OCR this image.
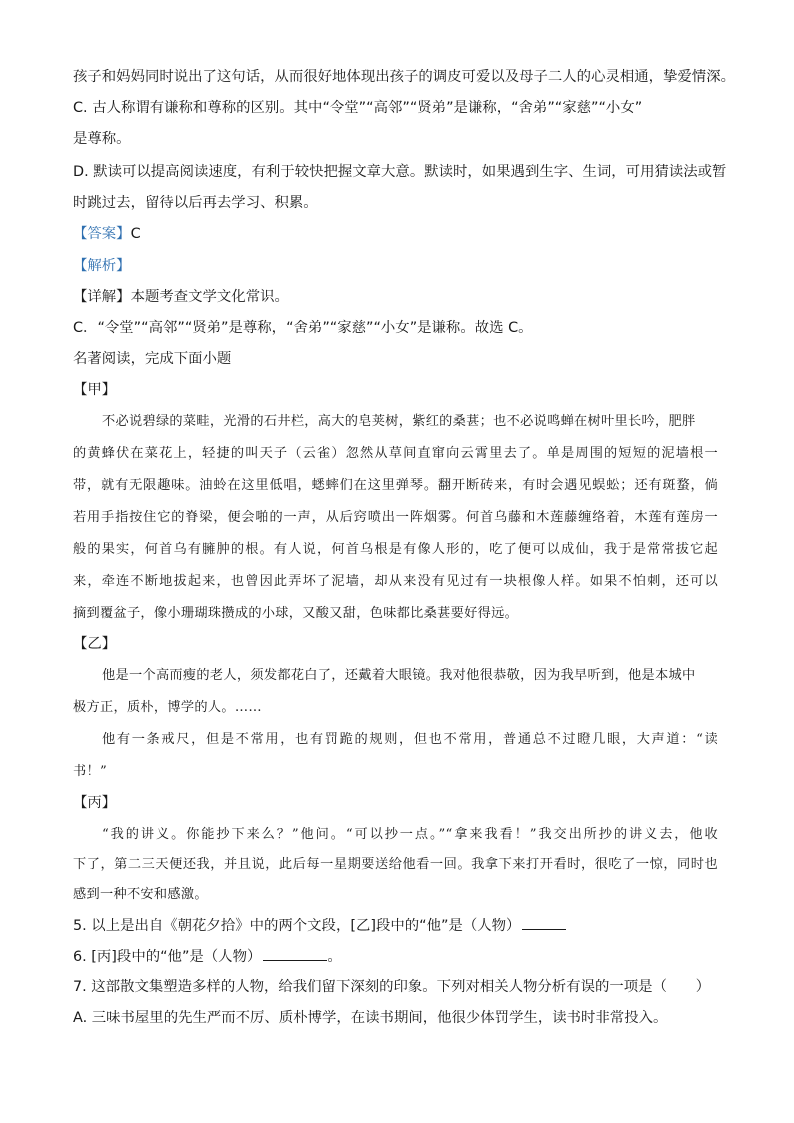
孩子和妈妈同时说出了这句话，从而很好地体现出孩子的调皮可爱以及母子二人的心灵相通，挚爱情深。
C. 古人称谓有谦称和尊称的区别。其中“令堂”“高邻”“贤弟”是谦称，“舍弟”“家慈”“小女”
是尊称。
D. 默读可以提高阅读速度，有利于较快把握文章大意。默读时，如果遇到生字、生词，可用猜读法或暂
时跳过去，留待以后再去学习、积累。
【答案】C
【解析】
【详解】本题考查文学文化常识。
C．“令堂”“高邻”“贤弟”是尊称，“舍弟”“家慈”“小女”是谦称。故选 C。
名著阅读，完成下面小题
【甲】
不必说碧绿的菜畦，光滑的石井栏，高大的皂荚树，紫红的桑葚；也不必说鸣蝉在树叶里长吟，肥胖
的黄蜂伏在菜花上，轻捷的叫天子（云雀）忽然从草间直窜向云霄里去了。单是周围的短短的泥墙根一
带，就有无限趣味。油蛉在这里低唱，蟋蟀们在这里弹琴。翻开断砖来，有时会遇见蜈蚣；还有斑蝥，倘
若用手指按住它的脊梁，便会啪的一声，从后窍喷出一阵烟雾。何首乌藤和木莲藤缠络着，木莲有莲房一
般的果实，何首乌有臃肿的根。有人说，何首乌根是有像人形的，吃了便可以成仙，我于是常常拔它起
来，牵连不断地拔起来，也曾因此弄坏了泥墙，却从来没有见过有一块根像人样。如果不怕刺，还可以
摘到覆盆子，像小珊瑚珠攒成的小球，又酸又甜，色味都比桑葚要好得远。
【乙】
他是一个高而瘦的老人，须发都花白了，还戴着大眼镜。我对他很恭敬，因为我早听到，他是本城中
极方正，质朴，博学的人。……
他有一条戒尺，但是不常用，也有罚跪的规则，但也不常用，普通总不过瞪几眼，大声道：“读
书！”
【丙】
“我的讲义。你能抄下来么？”他问。“可以抄一点。”“拿来我看！”我交出所抄的讲义去，他收
下了，第二三天便还我，并且说，此后每一星期要送给他看一回。我拿下来打开看时，很吃了一惊，同时也
感到一种不安和感激。
5. 以上是出自《朝花夕拾》中的两个文段，[乙]段中的“他”是（人物）
6. [丙]段中的“他”是（人物）	。
7. 这部散文集塑造多样的人物，给我们留下深刻的印象。下列对相关人物分析有误的一项是（　　）
A. 三味书屋里的先生严而不厉、质朴博学，在读书期间，他很少体罚学生，读书时非常投入。
